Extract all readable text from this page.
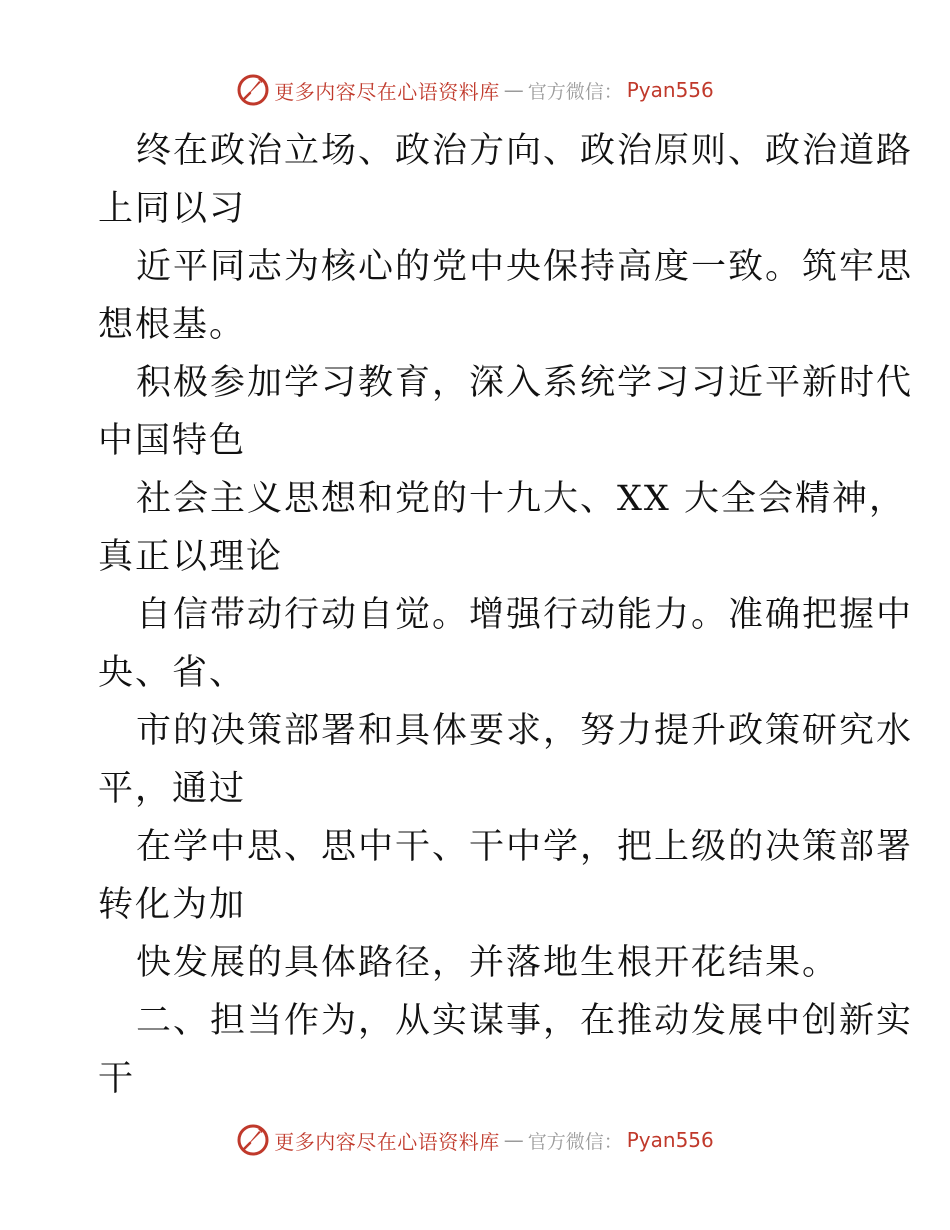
更多内容尽在心语资料库 — 官方微信： Pyan556
终在政治立场、政治方向、政治原则、政治道路
上同以习
近平同志为核心的党中央保持高度一致。筑牢思
想根基。
积极参加学习教育，深入系统学习习近平新时代
中国特色
社会主义思想和党的十九大、XX 大全会精神，
真正以理论
自信带动行动自觉。增强行动能力。准确把握中
央、省、
市的决策部署和具体要求，努力提升政策研究水
平，通过
在学中思、思中干、干中学，把上级的决策部署
转化为加
快发展的具体路径，并落地生根开花结果。
二、担当作为，从实谋事，在推动发展中创新实
干
更多内容尽在心语资料库 — 官方微信： Pyan556
